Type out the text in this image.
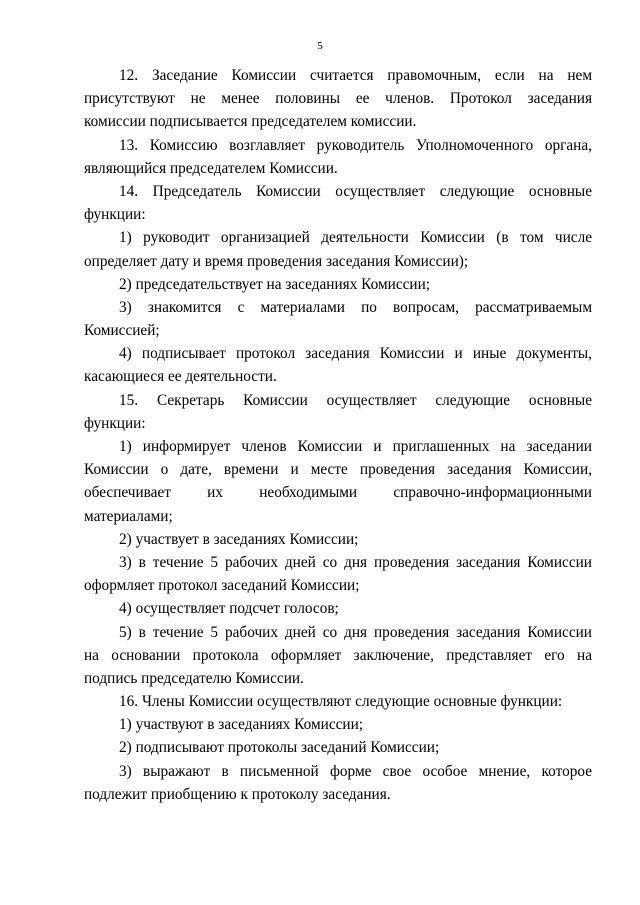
5
12. Заседание Комиссии считается правомочным, если на нем
присутствуют не менее половины ее членов. Протокол заседания
комиссии подписывается председателем комиссии.
13. Комиссию возглавляет руководитель Уполномоченного органа,
являющийся председателем Комиссии.
14. Председатель Комиссии осуществляет следующие основные
функции:
1) руководит организацией деятельности Комиссии (в том числе
определяет дату и время проведения заседания Комиссии);
2) председательствует на заседаниях Комиссии;
3) знакомится с материалами по вопросам, рассматриваемым
Комиссией;
4) подписывает протокол заседания Комиссии и иные документы,
касающиеся ее деятельности.
15. Секретарь Комиссии осуществляет следующие основные
функции:
1) информирует членов Комиссии и приглашенных на заседании
Комиссии о дате, времени и месте проведения заседания Комиссии,
обеспечивает их необходимыми справочно-информационными
материалами;
2) участвует в заседаниях Комиссии;
3) в течение 5 рабочих дней со дня проведения заседания Комиссии
оформляет протокол заседаний Комиссии;
4) осуществляет подсчет голосов;
5) в течение 5 рабочих дней со дня проведения заседания Комиссии
на основании протокола оформляет заключение, представляет его на
подпись председателю Комиссии.
16. Члены Комиссии осуществляют следующие основные функции:
1) участвуют в заседаниях Комиссии;
2) подписывают протоколы заседаний Комиссии;
3) выражают в письменной форме свое особое мнение, которое
подлежит приобщению к протоколу заседания.
